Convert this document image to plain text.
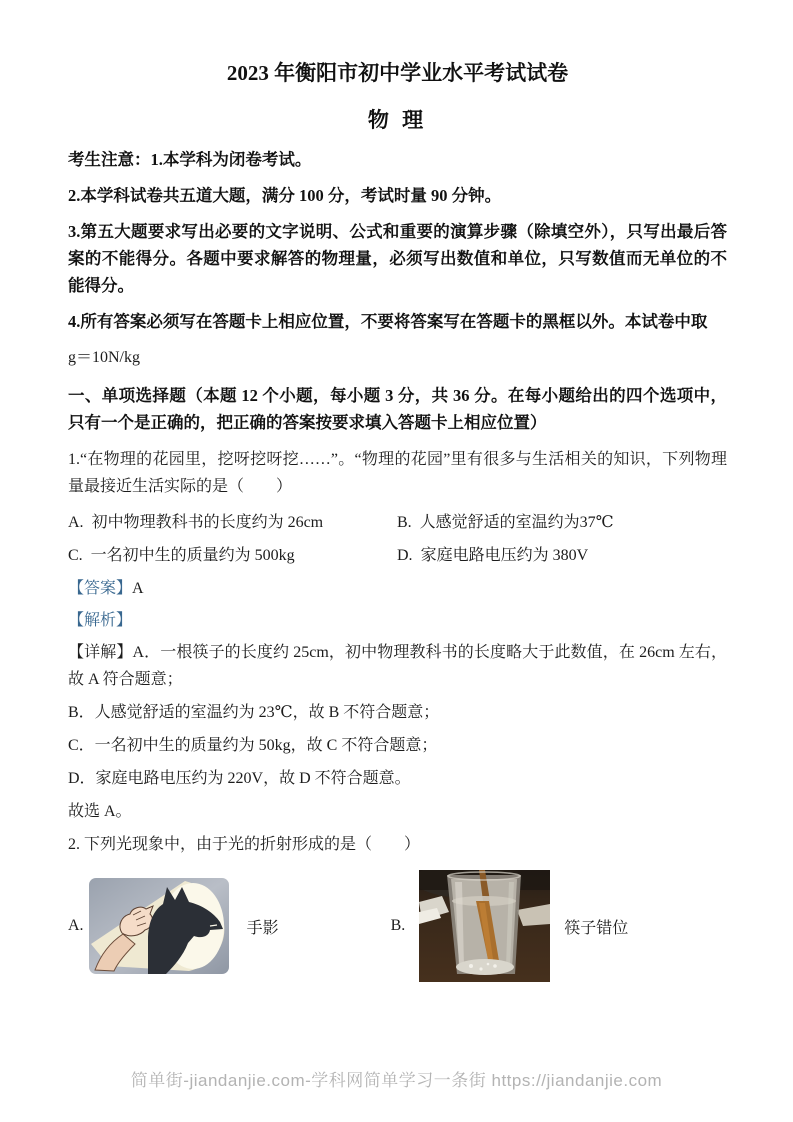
2023 年衡阳市初中学业水平考试试卷
物 理

考生注意：1.本学科为闭卷考试。

2.本学科试卷共五道大题，满分 100 分，考试时量 90 分钟。

3.第五大题要求写出必要的文字说明、公式和重要的演算步骤（除填空外），只写出最后答案的不能得分。各题中要求解答的物理量，必须写出数值和单位，只写数值而无单位的不能得分。

4.所有答案必须写在答题卡上相应位置，不要将答案写在答题卡的黑框以外。本试卷中取

g＝10N/kg

一、单项选择题（本题 12 个小题，每小题 3 分，共 36 分。在每小题给出的四个选项中，只有一个是正确的，把正确的答案按要求填入答题卡上相应位置）

1.“在物理的花园里，挖呀挖呀挖……”。“物理的花园”里有很多与生活相关的知识，下列物理量最接近生活实际的是（　　）

A. 初中物理教科书的长度约为 26cm	B. 人感觉舒适的室温约为37℃
C. 一名初中生的质量约为 500kg	D. 家庭电路电压约为 380V

【答案】A

【解析】

【详解】A．一根筷子的长度约 25cm，初中物理教科书的长度略大于此数值，在 26cm 左右，故 A 符合题意；

B．人感觉舒适的室温约为 23℃，故 B 不符合题意；

C．一名初中生的质量约为 50kg，故 C 不符合题意；

D．家庭电路电压约为 220V，故 D 不符合题意。

故选 A。

2. 下列光现象中，由于光的折射形成的是（　　）

A.	手影	B.	筷子错位
简单街-jiandanjie.com-学科网简单学习一条街 https://jiandanjie.com
